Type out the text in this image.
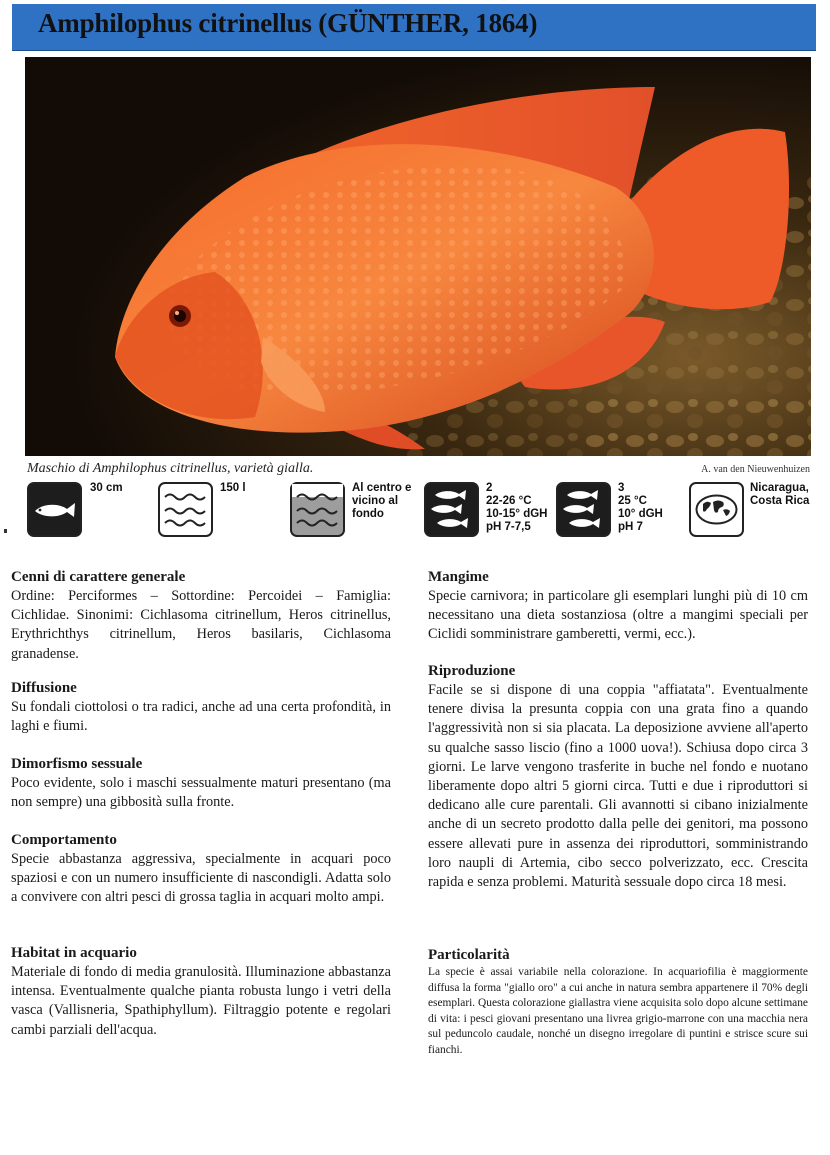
Amphilophus citrinellus (GÜNTHER, 1864)
Maschio di Amphilophus citrinellus, varietà gialla.	A. van den Nieuwenhuizen
30 cm	150 l	Al centro e
vicino al
fondo
2
22-26 °C
10-15° dGH
pH 7-7,5
3
25 °C
10° dGH
pH 7
Nicaragua,
Costa Rica
Cenni di carattere generale

Ordine: Perciformes – Sottordine: Percoidei – Famiglia: Cichlidae. Sinonimi: Cichlasoma citrinellum, Heros citrinellus, Erythrichthys citrinellum, Heros basilaris, Cichlasoma granadense.

Diffusione

Su fondali ciottolosi o tra radici, anche ad una certa profondità, in laghi e fiumi.

Dimorfismo sessuale

Poco evidente, solo i maschi sessualmente maturi presentano (ma non sempre) una gibbosità sulla fronte.

Comportamento

Specie abbastanza aggressiva, specialmente in acquari poco spaziosi e con un numero insufficiente di nascondigli. Adatta solo a convivere con altri pesci di grossa taglia in acquari molto ampi.

Habitat in acquario

Materiale di fondo di media granulosità. Illuminazione abbastanza intensa. Eventualmente qualche pianta robusta lungo i vetri della vasca (Vallisneria, Spathiphyllum). Filtraggio potente e regolari cambi parziali dell'acqua.

Mangime

Specie carnivora; in particolare gli esemplari lunghi più di 10 cm necessitano una dieta sostanziosa (oltre a mangimi speciali per Ciclidi somministrare gamberetti, vermi, ecc.).

Riproduzione

Facile se si dispone di una coppia "affiatata". Eventualmente tenere divisa la presunta coppia con una grata fino a quando l'aggressività non si sia placata. La deposizione avviene all'aperto su qualche sasso liscio (fino a 1000 uova!). Schiusa dopo circa 3 giorni. Le larve vengono trasferite in buche nel fondo e nuotano liberamente dopo altri 5 giorni circa. Tutti e due i riproduttori si dedicano alle cure parentali. Gli avannotti si cibano inizialmente anche di un secreto prodotto dalla pelle dei genitori, ma possono essere allevati pure in assenza dei riproduttori, somministrando loro naupli di Artemia, cibo secco polverizzato, ecc. Crescita rapida e senza problemi. Maturità sessuale dopo circa 18 mesi.

Particolarità

La specie è assai variabile nella colorazione. In acquariofilia è maggiormente diffusa la forma "giallo oro" a cui anche in natura sembra appartenere il 70% degli esemplari. Questa colorazione giallastra viene acquisita solo dopo alcune settimane di vita: i pesci giovani presentano una livrea grigio-marrone con una macchia nera sul peduncolo caudale, nonché un disegno irregolare di puntini e strisce scure sui fianchi.
